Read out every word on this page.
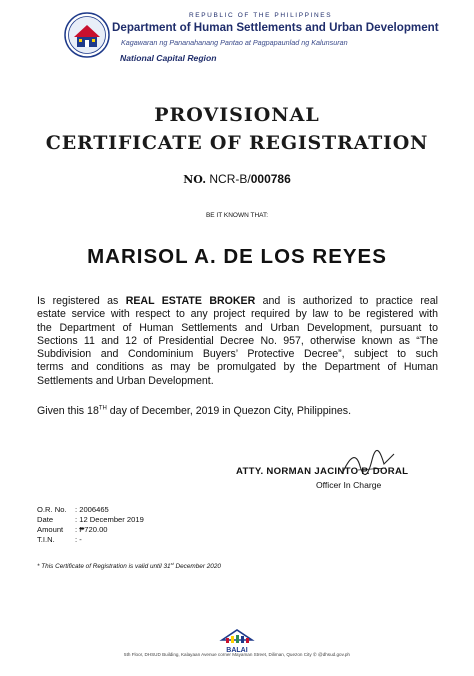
REPUBLIC OF THE PHILIPPINES
Department of Human Settlements and Urban Development
Kagawaran ng Pananahanang Pantao at Pagpapaunlad ng Kalunsuran
National Capital Region
PROVISIONAL
CERTIFICATE OF REGISTRATION
NO. NCR-B/000786
BE IT KNOWN THAT:
MARISOL A. DE LOS REYES
Is registered as REAL ESTATE BROKER and is authorized to practice real
estate service with respect to any project required by law to be registered with
the Department of Human Settlements and Urban Development, pursuant to
Sections 11 and 12 of Presidential Decree No. 957, otherwise known as “The
Subdivision and Condominium Buyers’ Protective Decree”, subject to such
terms and conditions as may be promulgated by the Department of Human
Settlements and Urban Development.
Given this 18TH day of December, 2019 in Quezon City, Philippines.
ATTY. NORMAN JACINTO P. DORAL
Officer In Charge
O.R. No.	: 2006465
Date	: 12 December 2019
Amount	: ₱720.00
T.I.N.	: -
* This Certificate of Registration is valid until 31st December 2020
BALAI
5th Floor, DHSUD Building, Kalayaan Avenue corner Mayaman Street, Diliman, Quezon City ✆ @dhsud.gov.ph
